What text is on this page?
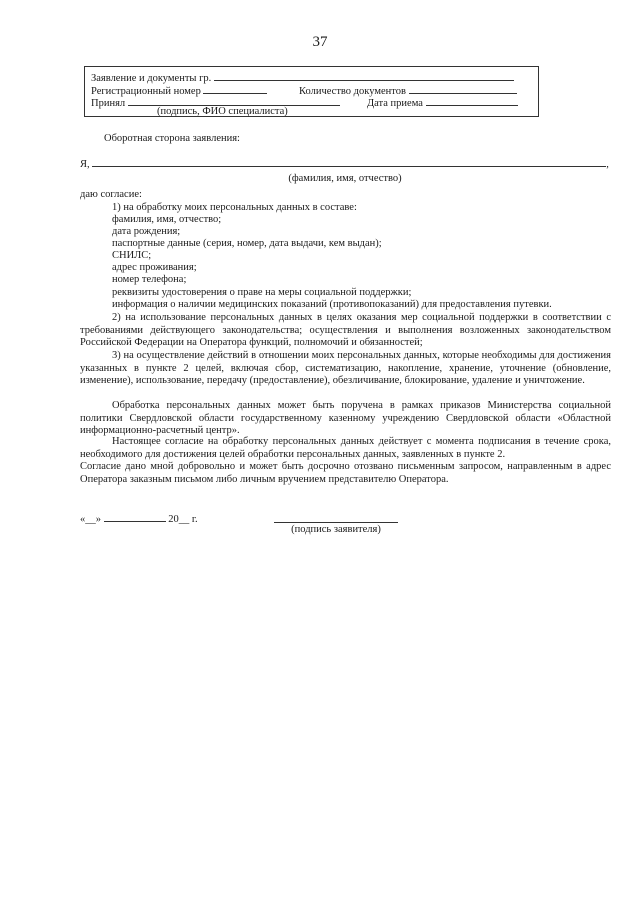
37
Заявление и документы гр.
Регистрационный номер	Количество документов
Принял	Дата приема
(подпись, ФИО специалиста)
Оборотная сторона заявления:
Я,	,
(фамилия, имя, отчество)
даю согласие:
1) на обработку моих персональных данных в составе:
фамилия, имя, отчество;
дата рождения;
паспортные данные (серия, номер, дата выдачи, кем выдан);
СНИЛС;
адрес проживания;
номер телефона;
реквизиты удостоверения о праве на меры социальной поддержки;
информация о наличии медицинских показаний (противопоказаний) для предоставления путевки.

2) на использование персональных данных в целях оказания мер социальной поддержки в соответствии с требованиями действующего законодательства; осуществления и выполнения возложенных законодательством Российской Федерации на Оператора функций, полномочий и обязанностей;

3) на осуществление действий в отношении моих персональных данных, которые необходимы для достижения указанных в пункте 2 целей, включая сбор, систематизацию, накопление, хранение, уточнение (обновление, изменение), использование, передачу (предоставление), обезличивание, блокирование, удаление и уничтожение.

Обработка персональных данных может быть поручена в рамках приказов Министерства социальной политики Свердловской области государственному казенному учреждению Свердловской области «Областной информационно-расчетный центр».

Настоящее согласие на обработку персональных данных действует с момента подписания в течение срока, необходимого для достижения целей обработки персональных данных, заявленных в пункте 2.

Согласие дано мной добровольно и может быть досрочно отозвано письменным запросом, направленным в адрес Оператора заказным письмом либо личным вручением представителю Оператора.

«__»	20__ г.
(подпись заявителя)
